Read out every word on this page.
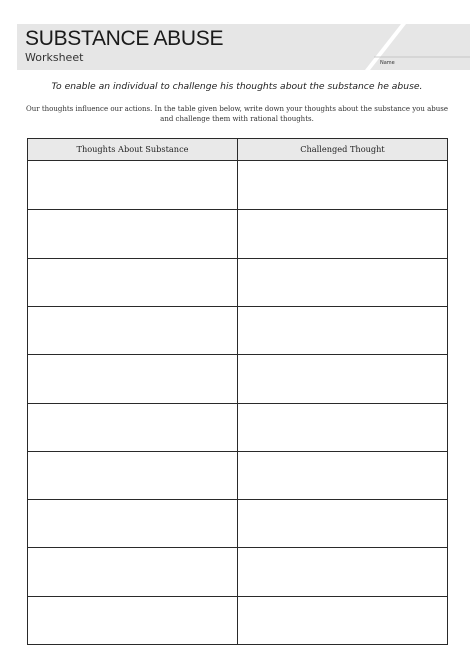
SUBSTANCE ABUSE
Worksheet	Name
To enable an individual to challenge his thoughts about the substance he abuse.
Our thoughts influence our actions. In the table given below, write down your thoughts about the substance you abuse
and challenge them with rational thoughts.
Thoughts About Substance	Challenged Thought
